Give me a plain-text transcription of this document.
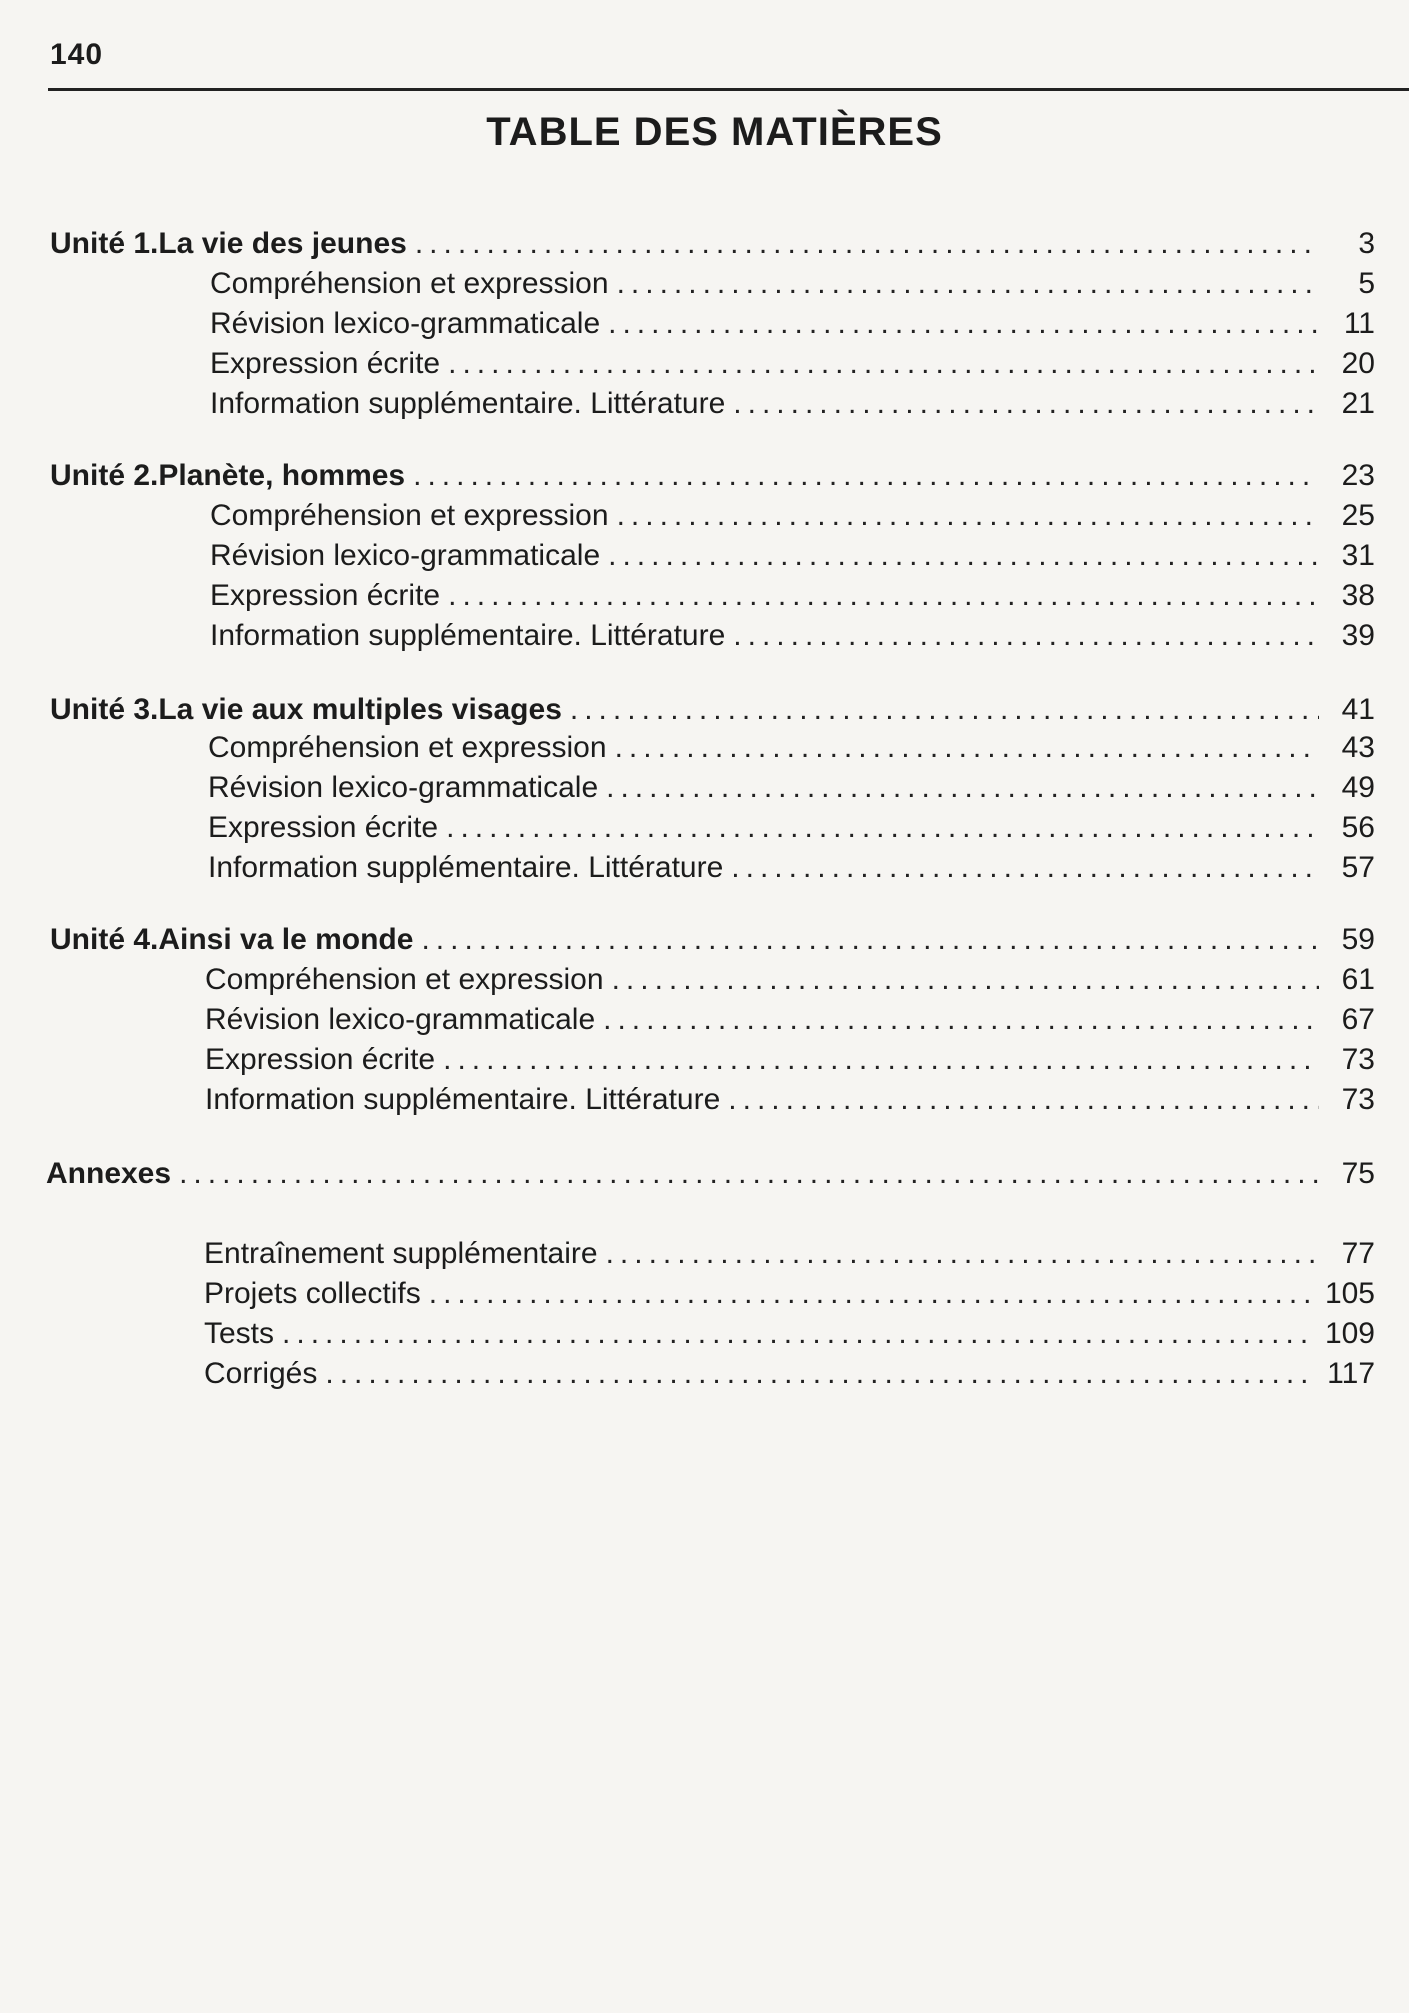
140
TABLE DES MATIÈRES
Unité 1. La vie des jeunes .....	3
Compréhension et expression .....	5
Révision lexico-grammaticale .....	11
Expression écrite .....	20
Information supplémentaire. Littérature .....	21
Unité 2. Planète, hommes .....	23
Compréhension et expression .....	25
Révision lexico-grammaticale .....	31
Expression écrite .....	38
Information supplémentaire. Littérature .....	39
Unité 3. La vie aux multiples visages .....	41
Compréhension et expression .....	43
Révision lexico-grammaticale .....	49
Expression écrite .....	56
Information supplémentaire. Littérature .....	57
Unité 4. Ainsi va le monde .....	59
Compréhension et expression .....	61
Révision lexico-grammaticale .....	67
Expression écrite .....	73
Information supplémentaire. Littérature .....	73
Annexes .....	75
Entraînement supplémentaire .....	77
Projets collectifs .....	105
Tests .....	109
Corrigés .....	117
